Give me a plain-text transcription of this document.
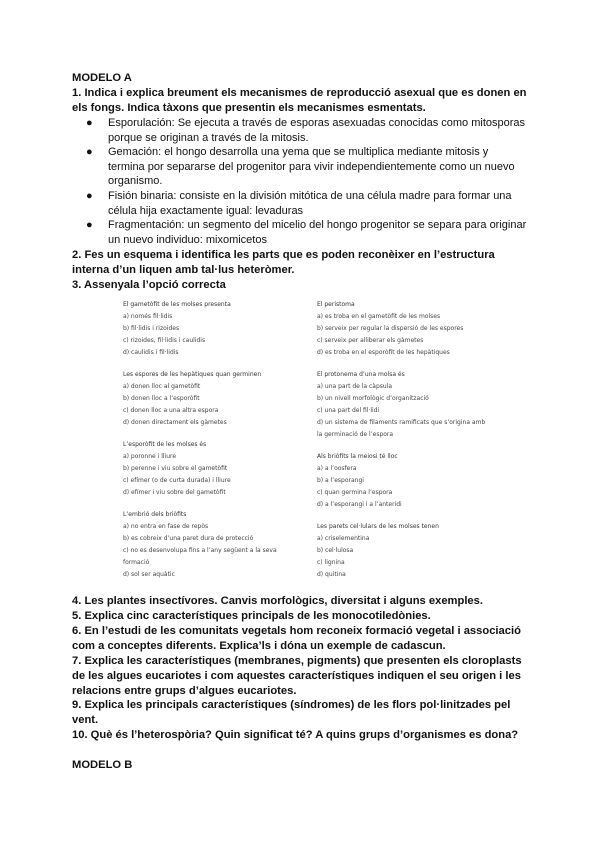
MODELO A
1. Indica i explica breument els mecanismes de reproducció asexual que es donen en els fongs. Indica tàxons que presentin els mecanismes esmentats.
● Esporulación: Se ejecuta a través de esporas asexuadas conocidas como mitosporas porque se originan a través de la mitosis.
● Gemación: el hongo desarrolla una yema que se multiplica mediante mitosis y termina por separarse del progenitor para vivir independientemente como un nuevo organismo.
● Fisión binaria: consiste en la división mitótica de una célula madre para formar una célula hija exactamente igual: levaduras
● Fragmentación: un segmento del micelio del hongo progenitor se separa para originar un nuevo individuo: mixomicetos
2. Fes un esquema i identifica les parts que es poden reconèixer en l’estructura interna d’un liquen amb tal·lus heteròmer.
3. Assenyala l’opció correcta
El gametòfit de les molses presenta
a) només fil·lidis
b) fil·lidis i rizoides
c) rizoides, fil·lidis i caulidis
d) caulidis i fil·lidis
Les espores de les hepàtiques quan germinen
a) donen lloc al gametòfit
b) donen lloc a l’esporòfit
c) donen lloc a una altra espora
d) donen directament els gàmetes
L’esporòfit de les molses és
a) poronne i lliure
b) perenne i viu sobre el gametòfit
c) efímer (o de curta durada) i lliure
d) efímer i viu sobre del gametòfit
L’embrió dels briòfits
a) no entra en fase de repòs
b) es cobreix d’una paret dura de protecció
c) no es desenvolupa fins a l’any següent a la seva formació
d) sol ser aquàtic
El peristoma
a) es troba en el gametòfit de les molses
b) serveix per regular la dispersió de les espores
c) serveix per alliberar els gàmetes
d) es troba en el esporòfit de les hepàtiques
El protonema d’una molsa és
a) una part de la càpsula
b) un nivell morfològic d’organització
c) una part del fil·lidi
d) un sistema de filaments ramificats que s’origina amb la germinació de l’espora
Als briòfits la meiosi té lloc
a) a l’oosfera
b) a l’esporangi
c) quan germina l’espora
d) a l’esporangi i a l’anteridi
Les parets cel·lulars de les molses tenen
a) criselementina
b) cel·lulosa
c) lignina
d) quitina
4. Les plantes insectívores. Canvis morfològics, diversitat i alguns exemples.
5. Explica cinc característiques principals de les monocotiledònies.
6. En l’estudi de les comunitats vegetals hom reconeix formació vegetal i associació com a conceptes diferents. Explica’ls i dóna un exemple de cadascun.
7. Explica les característiques (membranes, pigments) que presenten els cloroplasts de les algues eucariotes i com aquestes característiques indiquen el seu origen i les relacions entre grups d’algues eucariotes.
9. Explica les principals característiques (síndromes) de les flors pol·linitzades pel vent.
10. Què és l’heterospòria? Quin significat té? A quins grups d’organismes es dona?
MODELO B
